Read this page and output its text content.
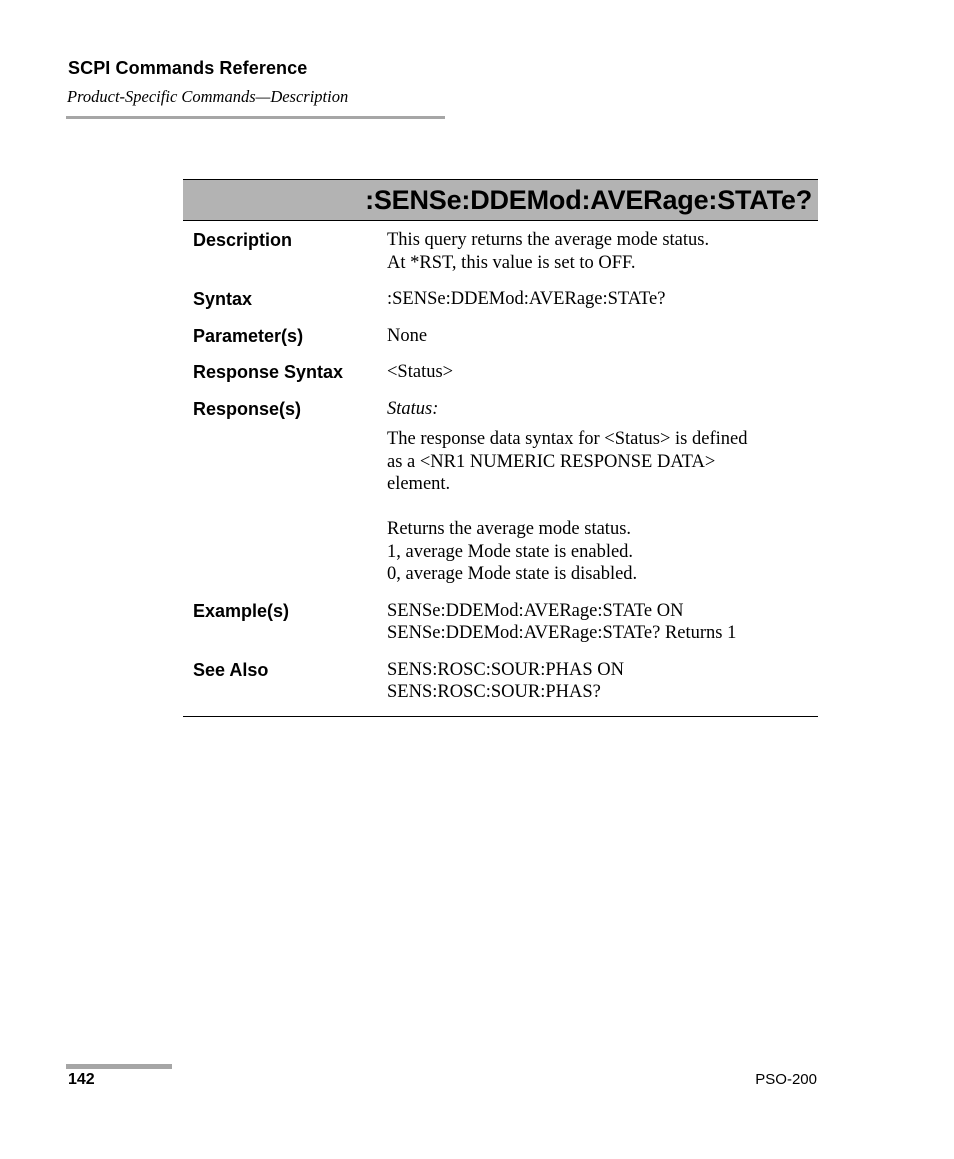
SCPI Commands Reference
Product-Specific Commands—Description
:SENSe:DDEMod:AVERage:STATe?
Description	This query returns the average mode status.
At *RST, this value is set to OFF.
Syntax	:SENSe:DDEMod:AVERage:STATe?
Parameter(s)	None
Response Syntax	<Status>
Response(s)	Status:
The response data syntax for <Status> is defined
as a <NR1 NUMERIC RESPONSE DATA>
element.
Returns the average mode status.
1, average Mode state is enabled.
0, average Mode state is disabled.
Example(s)	SENSe:DDEMod:AVERage:STATe ON
SENSe:DDEMod:AVERage:STATe? Returns 1
See Also	SENS:ROSC:SOUR:PHAS ON
SENS:ROSC:SOUR:PHAS?
142	PSO-200
